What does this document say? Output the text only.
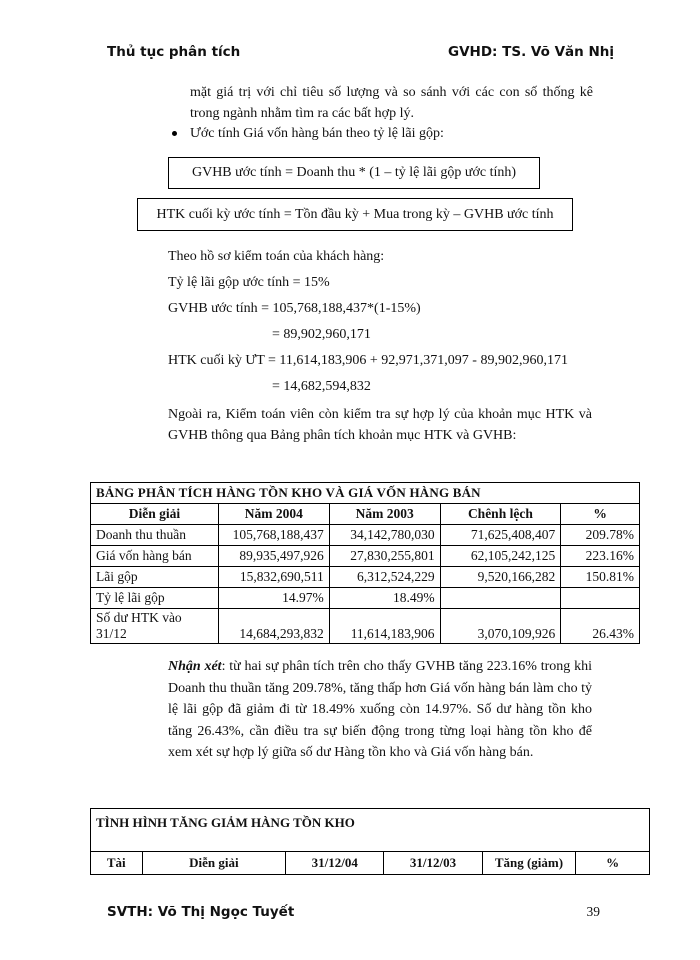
Thủ tục phân tích	GVHD: TS. Võ Văn Nhị
mặt giá trị với chỉ tiêu số lượng và so sánh với các con số thống kê trong ngành nhằm tìm ra các bất hợp lý.
Ước tính Giá vốn hàng bán theo tỷ lệ lãi gộp:
GVHB ước tính = Doanh thu * (1 – tỷ lệ lãi gộp ước tính)
HTK cuối kỳ ước tính = Tồn đầu kỳ + Mua trong kỳ – GVHB ước tính
Theo hồ sơ kiểm toán của khách hàng:
Tỷ lệ lãi gộp ước tính = 15%
GVHB ước tính = 105,768,188,437*(1-15%)
= 89,902,960,171
HTK cuối kỳ ƯT = 11,614,183,906 + 92,971,371,097 - 89,902,960,171
= 14,682,594,832
Ngoài ra, Kiểm toán viên còn kiểm tra sự hợp lý của khoản mục HTK và GVHB thông qua Bảng phân tích khoản mục HTK và GVHB:
BẢNG PHÂN TÍCH HÀNG TỒN KHO VÀ GIÁ VỐN HÀNG BÁN				
Diễn giải	Năm 2004	Năm 2003	Chênh lệch	%
Doanh thu thuần	105,768,188,437	34,142,780,030	71,625,408,407	209.78%
Giá vốn hàng bán	89,935,497,926	27,830,255,801	62,105,242,125	223.16%
Lãi gộp	15,832,690,511	6,312,524,229	9,520,166,282	150.81%
Tỷ lệ lãi gộp	14.97%	18.49%		
Số dư HTK vào 31/12	14,684,293,832	11,614,183,906	3,070,109,926	26.43%
Nhận xét: từ hai sự phân tích trên cho thấy GVHB tăng 223.16% trong khi Doanh thu thuần tăng 209.78%, tăng thấp hơn Giá vốn hàng bán làm cho tỷ lệ lãi gộp đã giảm đi từ 18.49% xuống còn 14.97%. Số dư hàng tồn kho tăng 26.43%, cần điều tra sự biến động trong từng loại hàng tồn kho để xem xét sự hợp lý giữa số dư Hàng tồn kho và Giá vốn hàng bán.
TÌNH HÌNH TĂNG GIẢM HÀNG TỒN KHO
Tài	Diễn giải	31/12/04	31/12/03	Tăng (giảm)	%
SVTH: Võ Thị Ngọc Tuyết	39
